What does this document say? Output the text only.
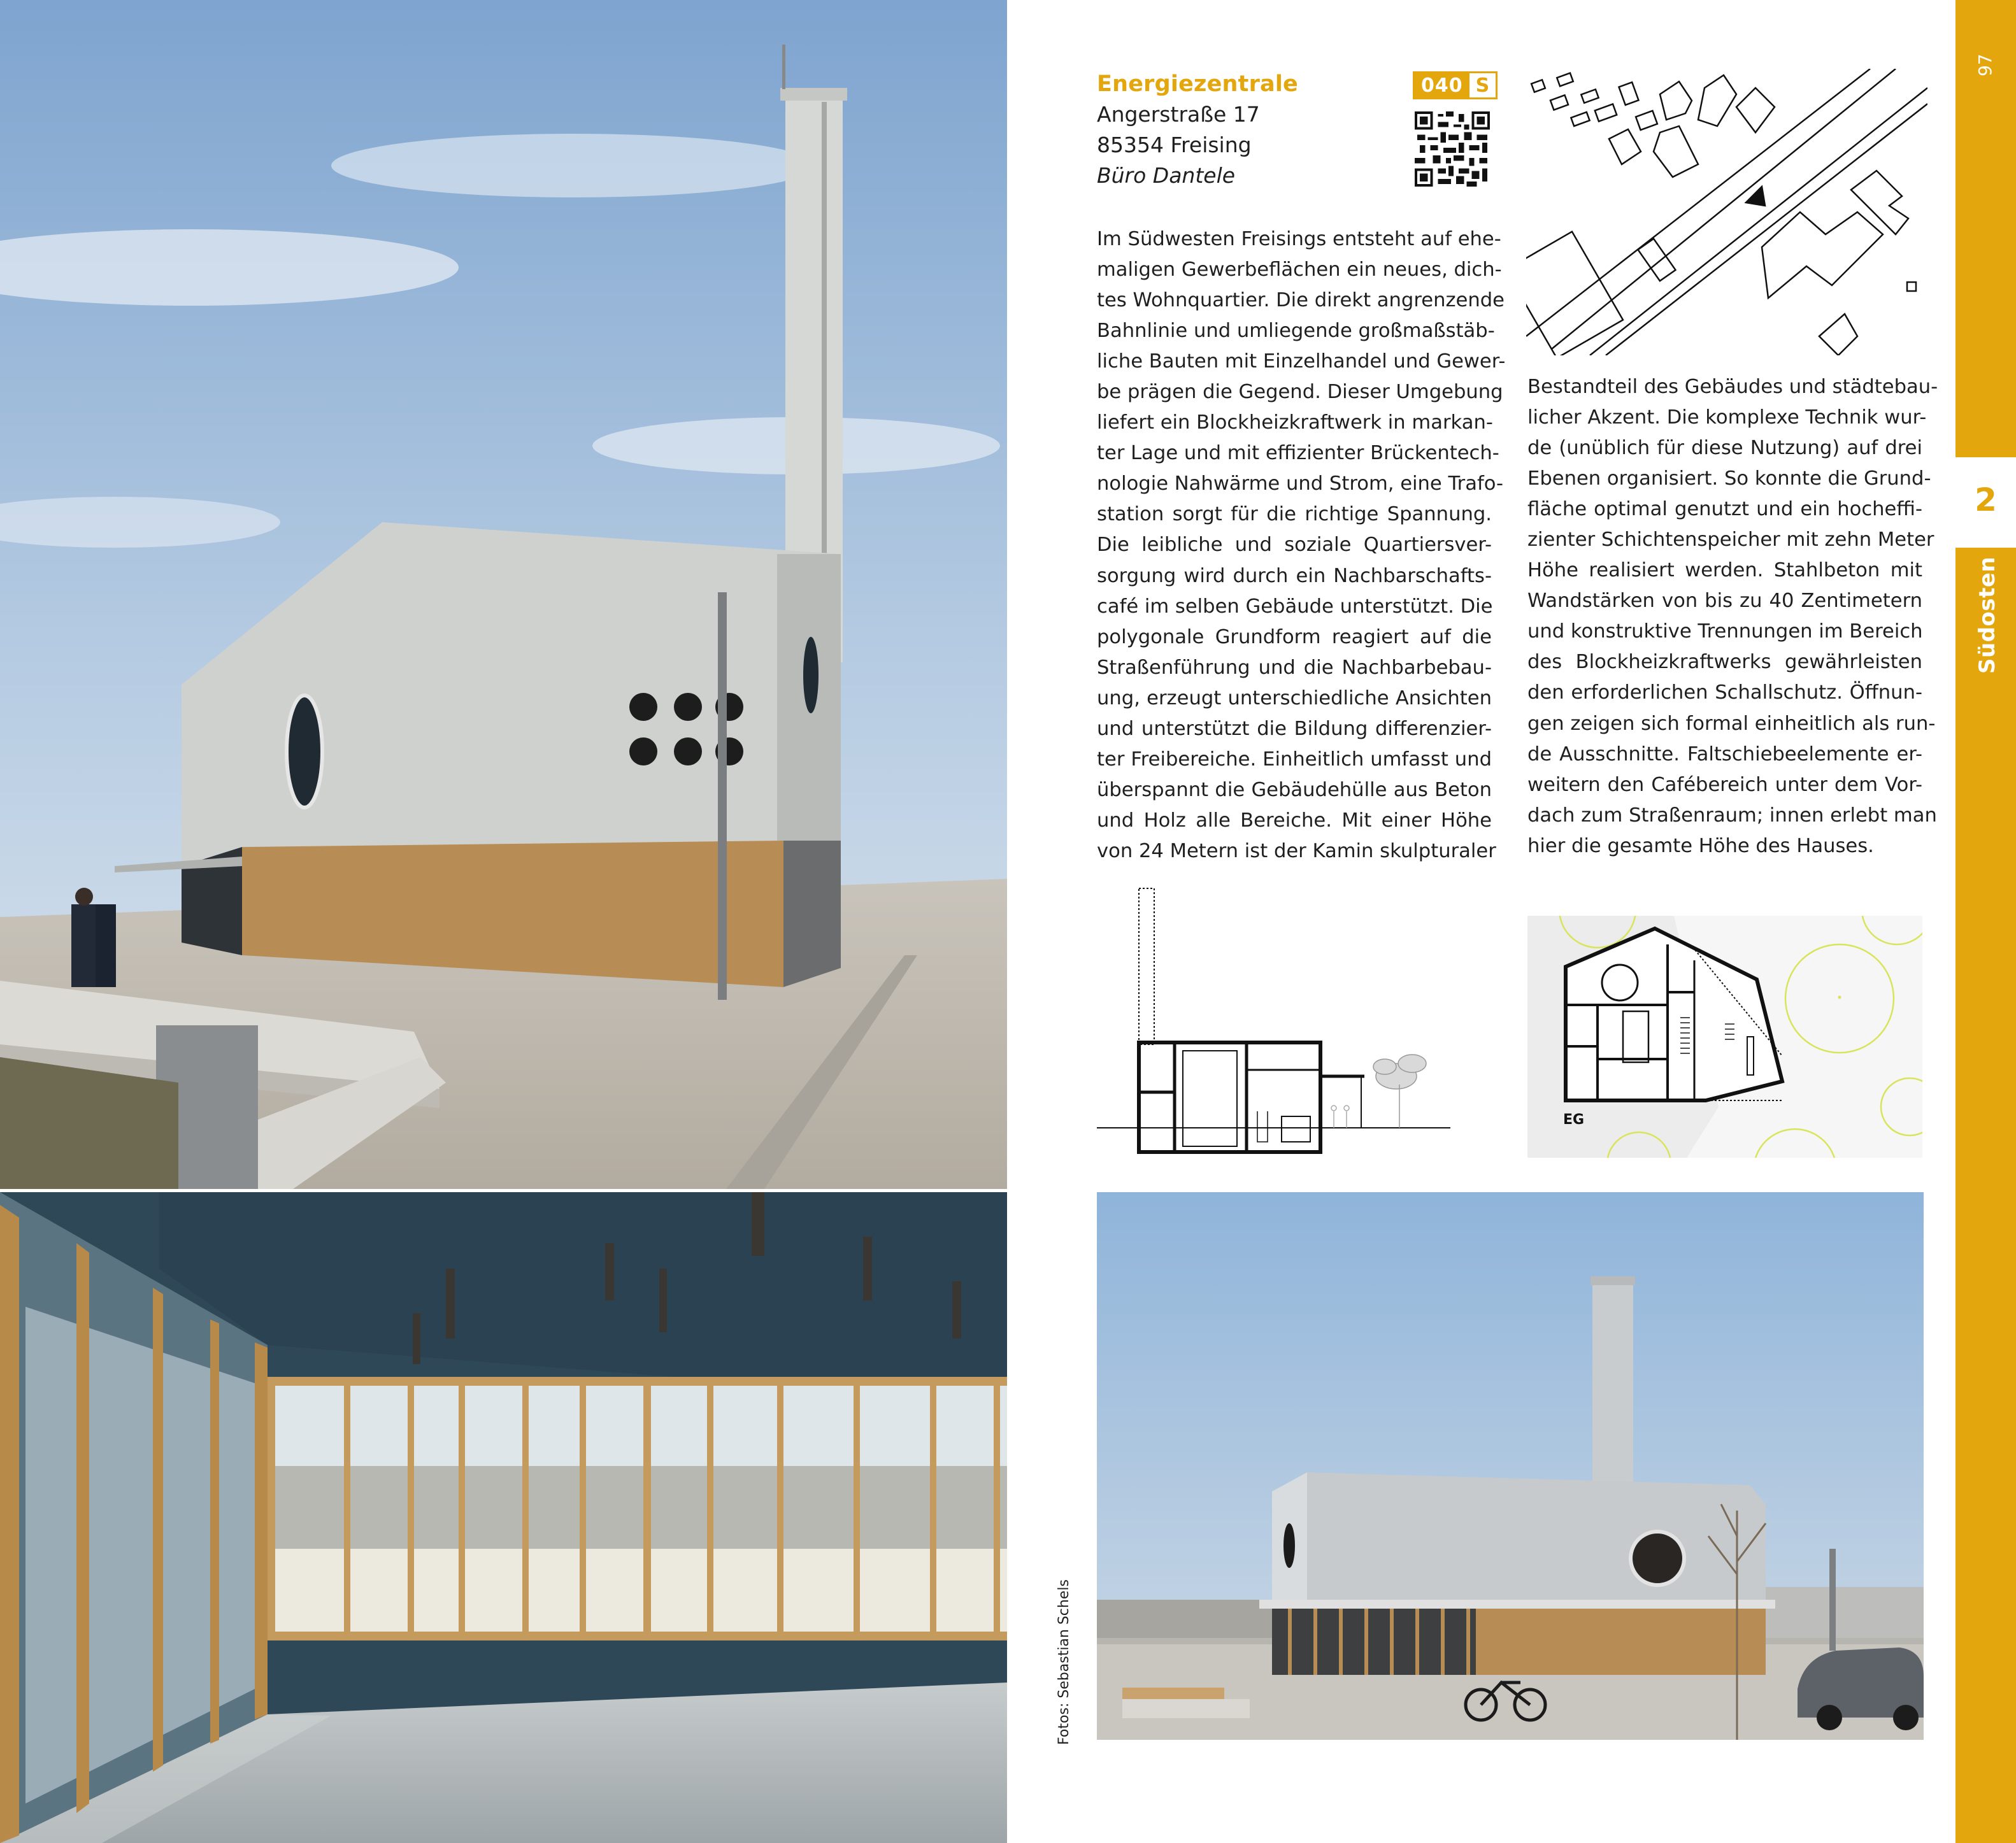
Energiezentrale
Angerstraße 17
85354 Freising
Büro Dantele
040 S
Im Südwesten Freisings entsteht auf ehe-
maligen Gewerbeflächen ein neues, dich-
tes Wohnquartier. Die direkt angrenzende
Bahnlinie und umliegende großmaßstäb-
liche Bauten mit Einzelhandel und Gewer-
be prägen die Gegend. Dieser Umgebung
liefert ein Blockheizkraftwerk in markan-
ter Lage und mit effizienter Brückentech-
nologie Nahwärme und Strom, eine Trafo-
station sorgt für die richtige Spannung.
Die leibliche und soziale Quartiersver-
sorgung wird durch ein Nachbarschafts-
café im selben Gebäude unterstützt. Die
polygonale Grundform reagiert auf die
Straßenführung und die Nachbarbebau-
ung, erzeugt unterschiedliche Ansichten
und unterstützt die Bildung differenzier-
ter Freibereiche. Einheitlich umfasst und
überspannt die Gebäudehülle aus Beton
und Holz alle Bereiche. Mit einer Höhe
von 24 Metern ist der Kamin skulpturaler
Bestandteil des Gebäudes und städtebau-
licher Akzent. Die komplexe Technik wur-
de (unüblich für diese Nutzung) auf drei
Ebenen organisiert. So konnte die Grund-
fläche optimal genutzt und ein hocheffi-
zienter Schichtenspeicher mit zehn Meter
Höhe realisiert werden. Stahlbeton mit
Wandstärken von bis zu 40 Zentimetern
und konstruktive Trennungen im Bereich
des Blockheizkraftwerks gewährleisten
den erforderlichen Schallschutz. Öffnun-
gen zeigen sich formal einheitlich als run-
de Ausschnitte. Faltschiebeelemente er-
weitern den Cafébereich unter dem Vor-
dach zum Straßenraum; innen erlebt man
hier die gesamte Höhe des Hauses.
EG
Fotos: Sebastian Schels
2
97
Südosten
